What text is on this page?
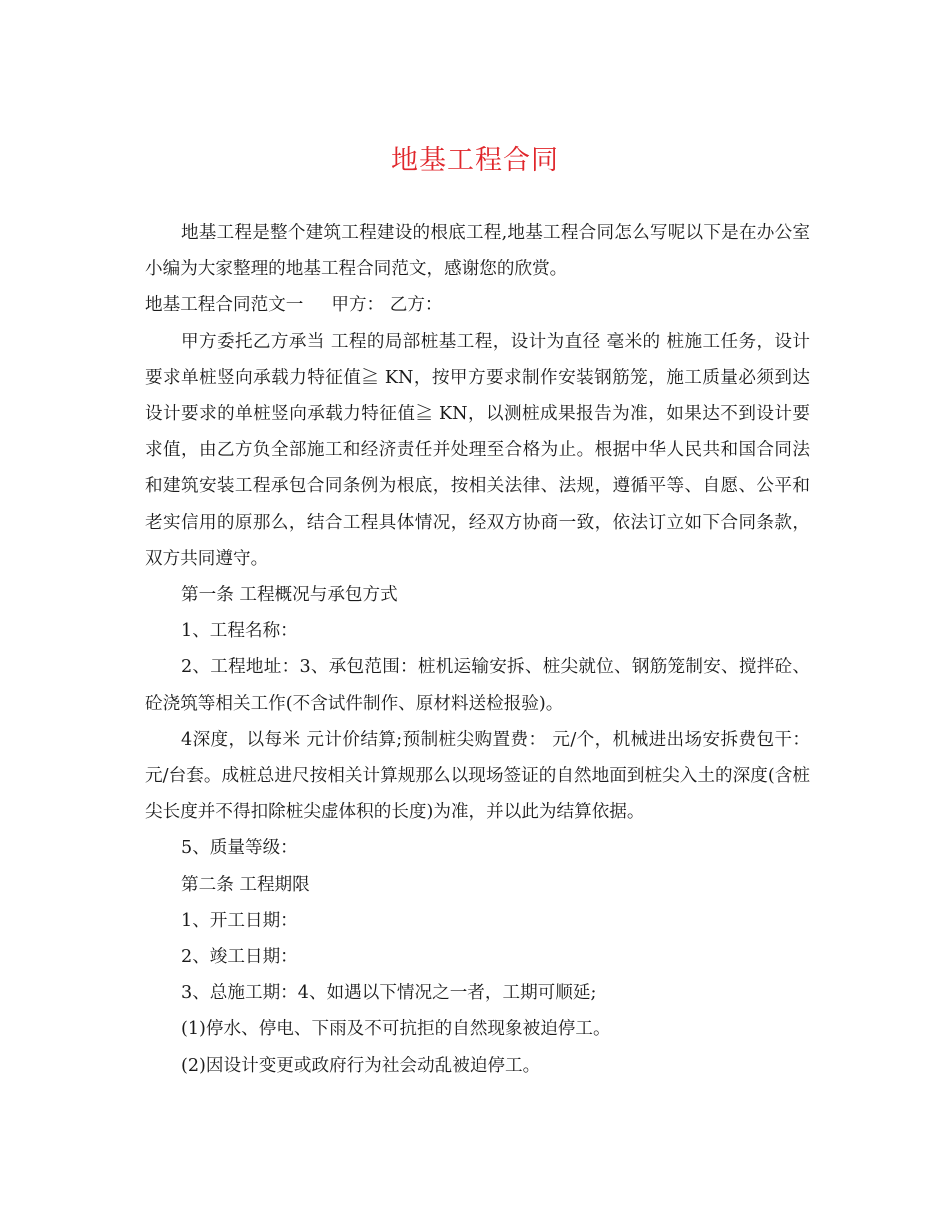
地基工程合同

地基工程是整个建筑工程建设的根底工程,地基工程合同怎么写呢以下是在办公室小编为大家整理的地基工程合同范文，感谢您的欣赏。

地基工程合同范文一 甲方： 乙方：

甲方委托乙方承当 工程的局部桩基工程，设计为直径 毫米的 桩施工任务，设计要求单桩竖向承载力特征值≧ KN，按甲方要求制作安装钢筋笼，施工质量必须到达设计要求的单桩竖向承载力特征值≧ KN，以测桩成果报告为准，如果达不到设计要求值，由乙方负全部施工和经济责任并处理至合格为止。根据中华人民共和国合同法和建筑安装工程承包合同条例为根底，按相关法律、法规，遵循平等、自愿、公平和老实信用的原那么，结合工程具体情况，经双方协商一致，依法订立如下合同条款，双方共同遵守。

第一条 工程概况与承包方式

1、工程名称：

2、工程地址：3、承包范围：桩机运输安拆、桩尖就位、钢筋笼制安、搅拌砼、砼浇筑等相关工作(不含试件制作、原材料送检报验)。

4深度，以每米 元计价结算;预制桩尖购置费： 元/个，机械进出场安拆费包干： 元/台套。成桩总进尺按相关计算规那么以现场签证的自然地面到桩尖入土的深度(含桩尖长度并不得扣除桩尖虚体积的长度)为准，并以此为结算依据。

5、质量等级：

第二条 工程期限

1、开工日期：

2、竣工日期：

3、总施工期：4、如遇以下情况之一者，工期可顺延;

(1)停水、停电、下雨及不可抗拒的自然现象被迫停工。

(2)因设计变更或政府行为社会动乱被迫停工。
